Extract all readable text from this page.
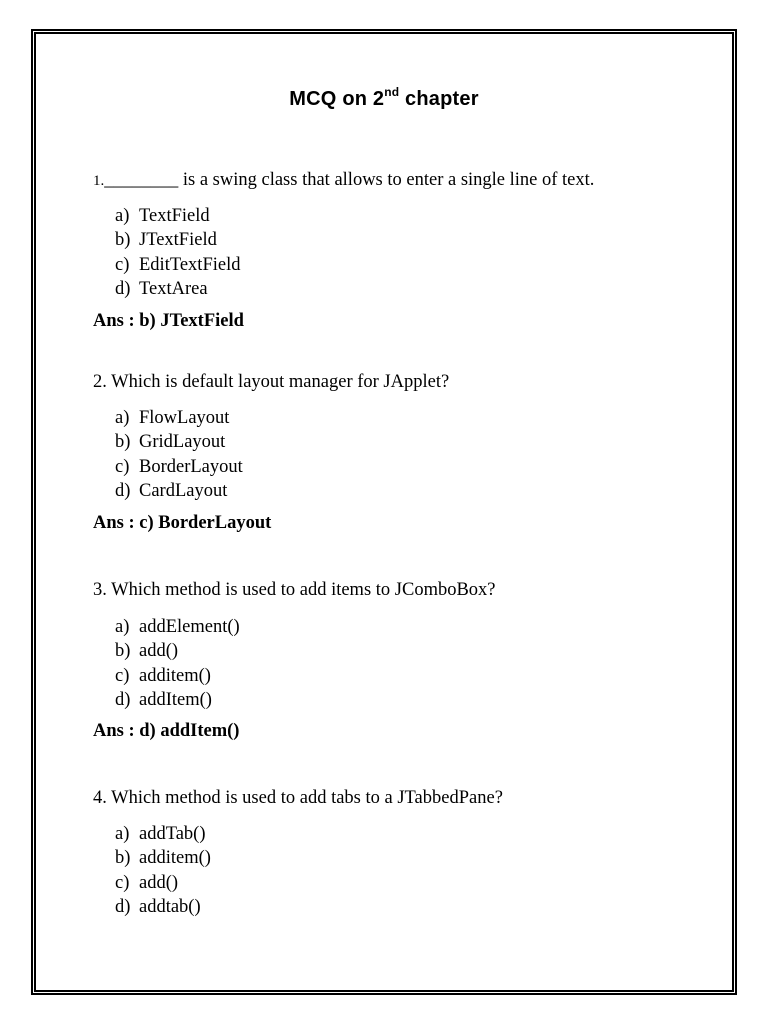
MCQ on 2nd chapter
1.________ is a swing class that allows to enter a single line of text.
a) TextField
b) JTextField
c) EditTextField
d) TextArea
Ans : b) JTextField
2. Which is default layout manager for JApplet?
a) FlowLayout
b) GridLayout
c) BorderLayout
d) CardLayout
Ans : c) BorderLayout
3. Which method is used to add items to JComboBox?
a) addElement()
b) add()
c) additem()
d) addItem()
Ans : d) addItem()
4. Which method is used to add tabs to a JTabbedPane?
a) addTab()
b) additem()
c) add()
d) addtab()
